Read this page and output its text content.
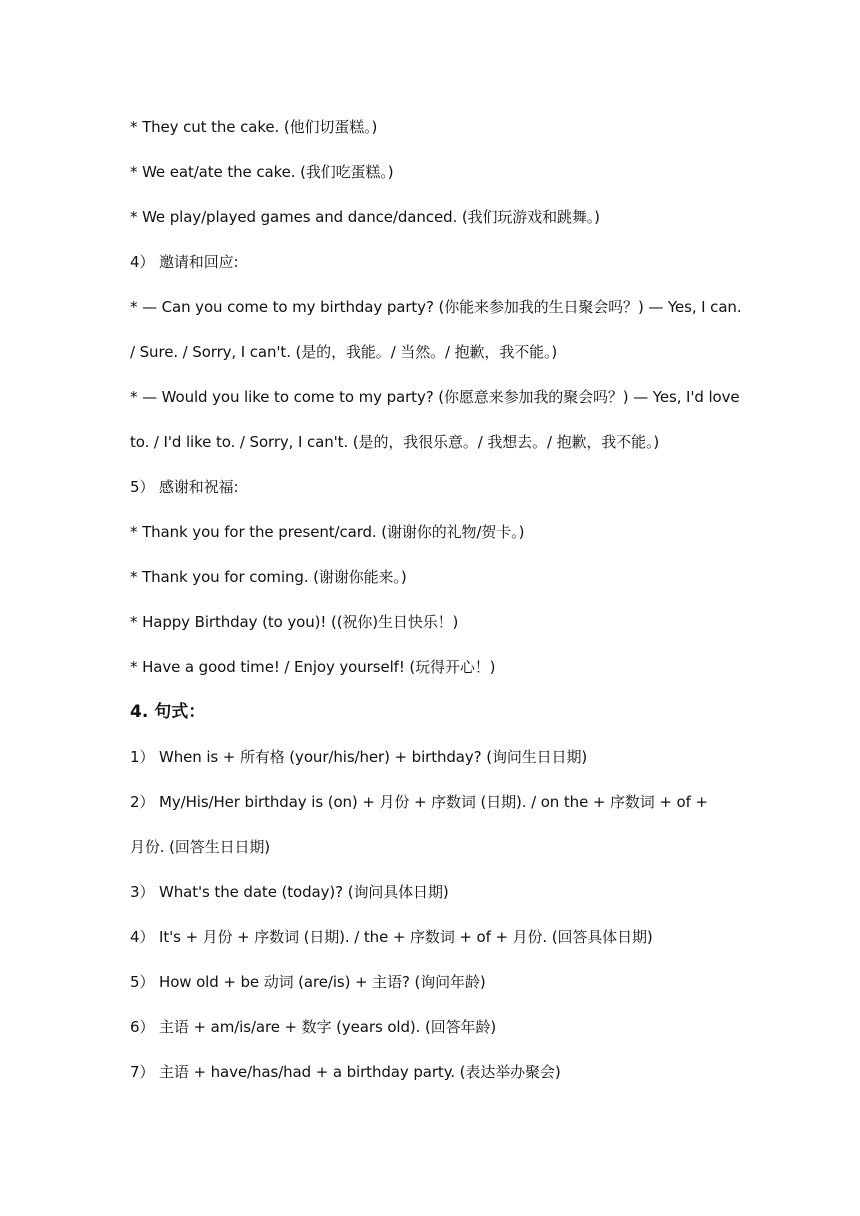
* They cut the cake. (他们切蛋糕。)
* We eat/ate the cake. (我们吃蛋糕。)
* We play/played games and dance/danced. (我们玩游戏和跳舞。)
4） 邀请和回应:
* — Can you come to my birthday party? (你能来参加我的生日聚会吗？) — Yes, I can.
/ Sure. / Sorry, I can't. (是的，我能。/ 当然。/ 抱歉，我不能。)
* — Would you like to come to my party? (你愿意来参加我的聚会吗？) — Yes, I'd love
to. / I'd like to. / Sorry, I can't. (是的，我很乐意。/ 我想去。/ 抱歉，我不能。)
5） 感谢和祝福:
* Thank you for the present/card. (谢谢你的礼物/贺卡。)
* Thank you for coming. (谢谢你能来。)
* Happy Birthday (to you)! ((祝你)生日快乐！)
* Have a good time! / Enjoy yourself! (玩得开心！)
4. 句式：
1） When is + 所有格 (your/his/her) + birthday? (询问生日日期)
2） My/His/Her birthday is (on) + 月份 + 序数词 (日期). / on the + 序数词 + of +
月份. (回答生日日期)
3） What's the date (today)? (询问具体日期)
4） It's + 月份 + 序数词 (日期). / the + 序数词 + of + 月份. (回答具体日期)
5） How old + be 动词 (are/is) + 主语? (询问年龄)
6） 主语 + am/is/are + 数字 (years old). (回答年龄)
7） 主语 + have/has/had + a birthday party. (表达举办聚会)
